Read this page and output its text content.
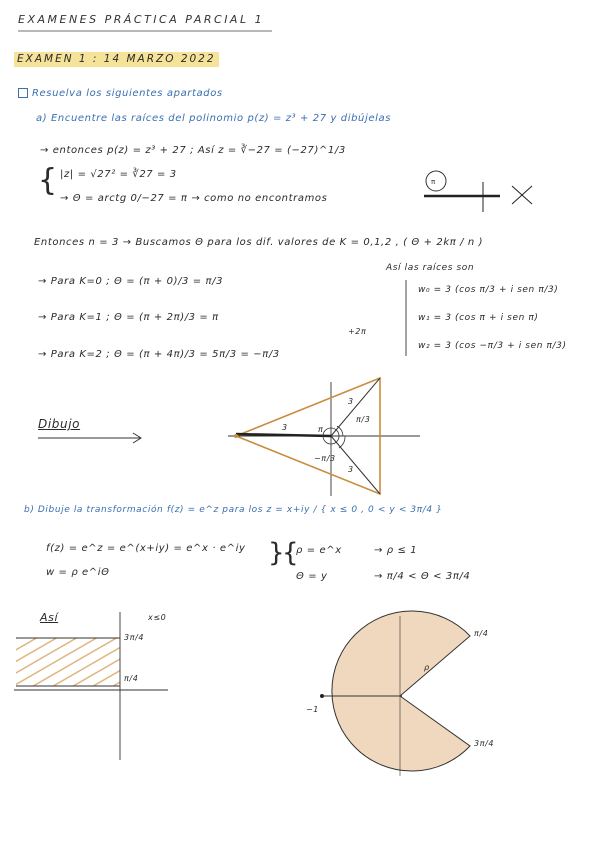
EXAMENES PRÁCTICA PARCIAL 1
EXAMEN 1 : 14 MARZO 2022
Resuelva los siguientes apartados
a) Encuentre las raíces del polinomio p(z) = z³ + 27 y dibújelas
→ entonces p(z) = z³ + 27 ; Así z = ∛−27 = (−27)^1/3
{ |z| = √27² = ∛27 = 3
→ Θ = arctg 0/−27 = π → como no encontramos
π
Entonces n = 3 → Buscamos Θ para los dif. valores de K = 0,1,2 , ( Θ + 2kπ / n )
→ Para K=0 ; Θ = (π + 0)/3 = π/3
→ Para K=1 ; Θ = (π + 2π)/3 = π
+2π
→ Para K=2 ; Θ = (π + 4π)/3 = 5π/3 = −π/3
Así las raíces son
w₀ = 3 (cos π/3 + i sen π/3)
w₁ = 3 (cos π + i sen π)
w₂ = 3 (cos −π/3 + i sen π/3)
Dibujo	3
π/3
3
3
−π/3
π
b) Dibuje la transformación f(z) = e^z para los z = x+iy / { x ≤ 0 , 0 < y < 3π/4 }
f(z) = e^z = e^(x+iy) = e^x · e^iy
w = ρ e^iΘ
}
{
ρ = e^x	→ ρ ≤ 1
Θ = y	→ π/4 < Θ < 3π/4
Así	x≤0
3π/4
π/4
π/4
3π/4
−1
ρ
